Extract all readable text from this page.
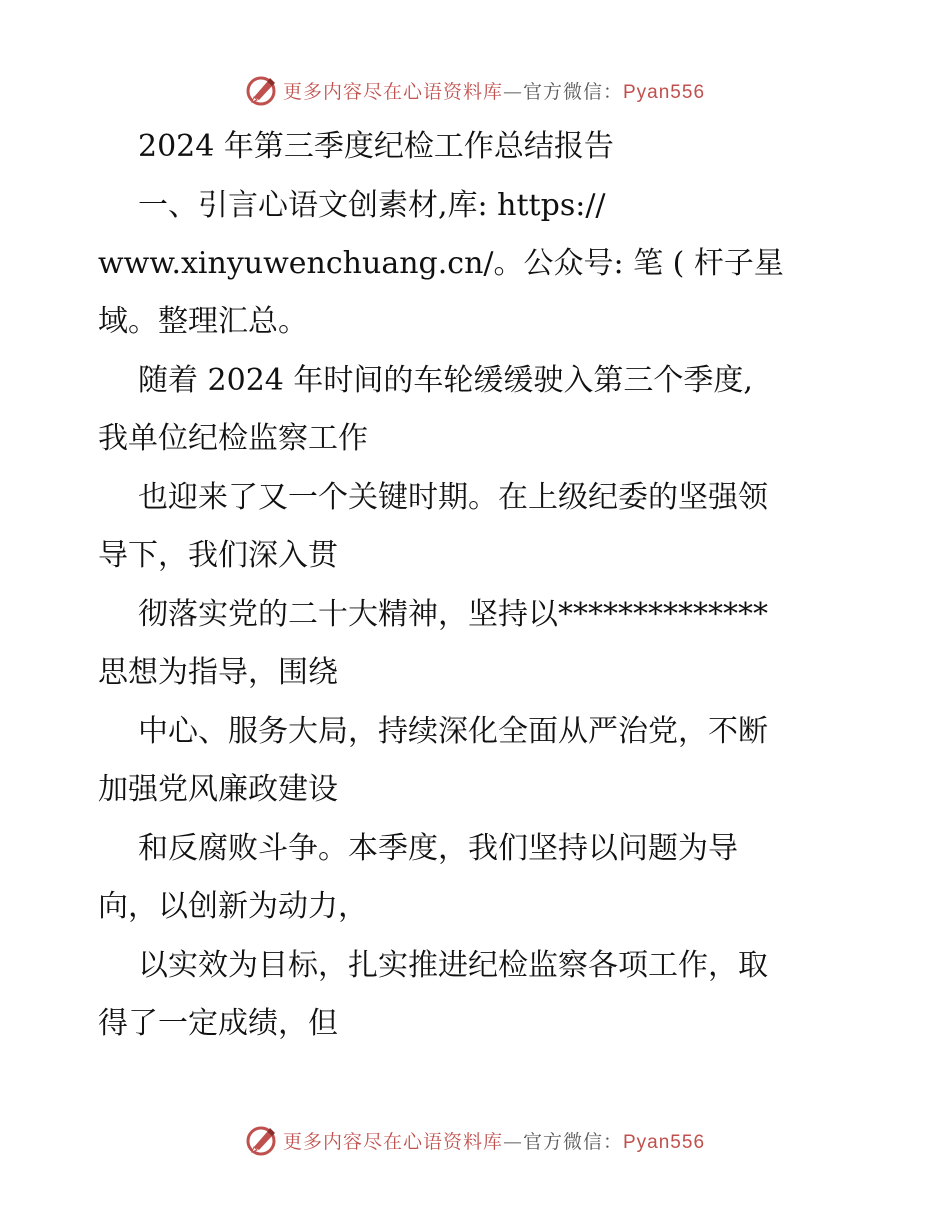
更多内容尽在心语资料库—官方微信：Pyan556
2024 年第三季度纪检工作总结报告
一、引言心语文创素材,库: https://
www.xinyuwenchuang.cn/。公众号: 笔 ( 杆子星
域。整理汇总。
随着 2024 年时间的车轮缓缓驶入第三个季度,
我单位纪检监察工作
也迎来了又一个关键时期。在上级纪委的坚强领
导下，我们深入贯
彻落实党的二十大精神，坚持以**************
思想为指导，围绕
中心、服务大局，持续深化全面从严治党，不断
加强党风廉政建设
和反腐败斗争。本季度，我们坚持以问题为导
向，以创新为动力，
以实效为目标，扎实推进纪检监察各项工作，取
得了一定成绩，但
更多内容尽在心语资料库—官方微信：Pyan556
